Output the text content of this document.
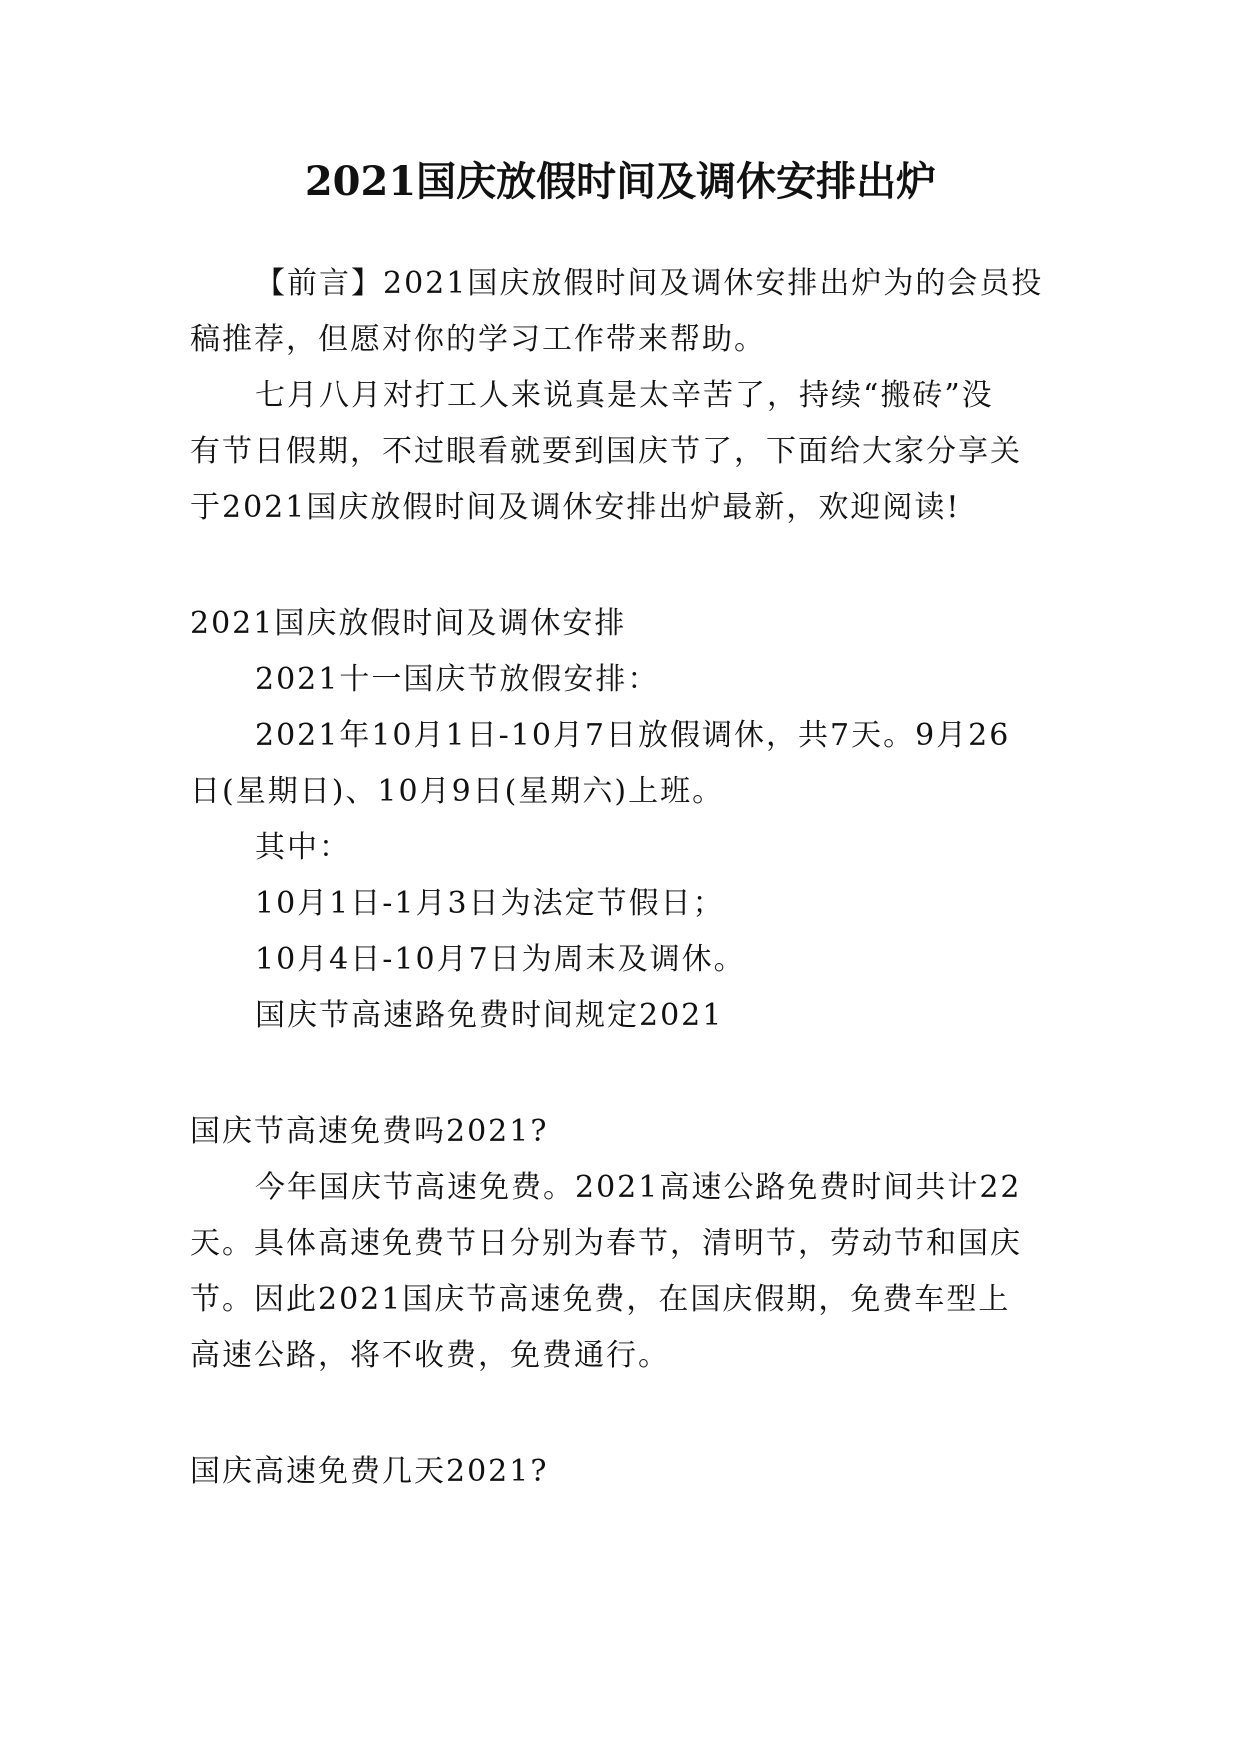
2021国庆放假时间及调休安排出炉
【前言】2021国庆放假时间及调休安排出炉为的会员投
稿推荐，但愿对你的学习工作带来帮助。
七月八月对打工人来说真是太辛苦了，持续“搬砖”没
有节日假期，不过眼看就要到国庆节了，下面给大家分享关
于2021国庆放假时间及调休安排出炉最新，欢迎阅读!
2021国庆放假时间及调休安排
2021十一国庆节放假安排：
2021年10月1日-10月7日放假调休，共7天。9月26
日(星期日)、10月9日(星期六)上班。
其中：
10月1日-1月3日为法定节假日；
10月4日-10月7日为周末及调休。
国庆节高速路免费时间规定2021
国庆节高速免费吗2021?
今年国庆节高速免费。2021高速公路免费时间共计22
天。具体高速免费节日分别为春节，清明节，劳动节和国庆
节。因此2021国庆节高速免费，在国庆假期，免费车型上
高速公路，将不收费，免费通行。
国庆高速免费几天2021?
